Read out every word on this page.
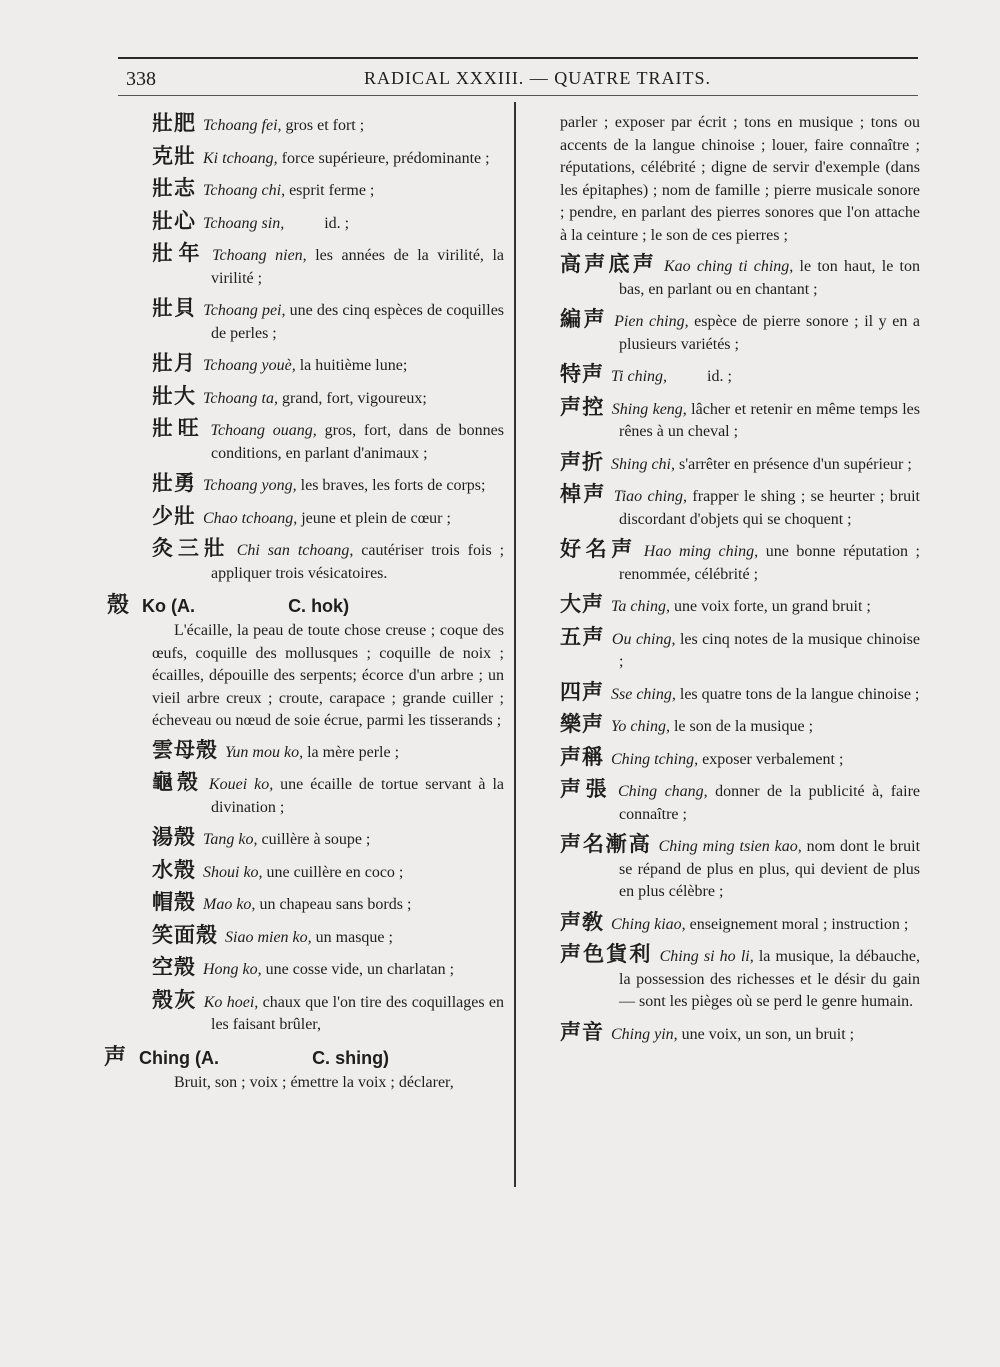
338	RADICAL XXXIII. — QUATRE TRAITS.
壯肥 Tchoang fei, gros et fort ;
克壯 Ki tchoang, force supérieure, prédominante ;
壯志 Tchoang chi, esprit ferme ;
壯心 Tchoang sin,          id. ;
壯年 Tchoang nien, les années de la virilité, la virilité ;
壯貝 Tchoang pei, une des cinq espèces de coquilles de perles ;
壯月 Tchoang youè, la huitième lune;
壯大 Tchoang ta, grand, fort, vigoureux;
壯旺 Tchoang ouang, gros, fort, dans de bonnes conditions, en parlant d'animaux ;
壯勇 Tchoang yong, les braves, les forts de corps;
少壯 Chao tchoang, jeune et plein de cœur ;
灸三壯 Chi san tchoang, cautériser trois fois ; appliquer trois vésicatoires.
殼 Ko (A.	C. hok)
L'écaille, la peau de toute chose creuse ; coque des œufs, coquille des mollusques ; coquille de noix ; écailles, dépouille des serpents; écorce d'un arbre ; un vieil arbre creux ; croute, carapace ; grande cuiller ; écheveau ou nœud de soie écrue, parmi les tisserands ;
雲母殼 Yun mou ko, la mère perle ;
龜殼 Kouei ko, une écaille de tortue servant à la divination ;
湯殼 Tang ko, cuillère à soupe ;
水殼 Shoui ko, une cuillère en coco ;
帽殼 Mao ko, un chapeau sans bords ;
笑面殼 Siao mien ko, un masque ;
空殼 Hong ko, une cosse vide, un charlatan ;
殼灰 Ko hoei, chaux que l'on tire des coquillages en les faisant brûler,
声 Ching (A.	C. shing)
Bruit, son ; voix ; émettre la voix ; déclarer,
parler ; exposer par écrit ; tons en musique ; tons ou accents de la langue chinoise ; louer, faire connaître ; réputations, célébrité ; digne de servir d'exemple (dans les épitaphes) ; nom de famille ; pierre musicale sonore ; pendre, en parlant des pierres sonores que l'on attache à la ceinture ; le son de ces pierres ;
高声底声 Kao ching ti ching, le ton haut, le ton bas, en parlant ou en chantant ;
編声 Pien ching, espèce de pierre sonore ; il y en a plusieurs variétés ;
特声 Ti ching,          id. ;
声控 Shing keng, lâcher et retenir en même temps les rênes à un cheval ;
声折 Shing chi, s'arrêter en présence d'un supérieur ;
棹声 Tiao ching, frapper le shing ; se heurter ; bruit discordant d'objets qui se choquent ;
好名声 Hao ming ching, une bonne réputation ; renommée, célébrité ;
大声 Ta ching, une voix forte, un grand bruit ;
五声 Ou ching, les cinq notes de la musique chinoise ;
四声 Sse ching, les quatre tons de la langue chinoise ;
樂声 Yo ching, le son de la musique ;
声稱 Ching tching, exposer verbalement ;
声張 Ching chang, donner de la publicité à, faire connaître ;
声名漸高 Ching ming tsien kao, nom dont le bruit se répand de plus en plus, qui devient de plus en plus célèbre ;
声敎 Ching kiao, enseignement moral ; instruction ;
声色貨利 Ching si ho li, la musique, la débauche, la possession des richesses et le désir du gain — sont les pièges où se perd le genre humain.
声音 Ching yin, une voix, un son, un bruit ;
